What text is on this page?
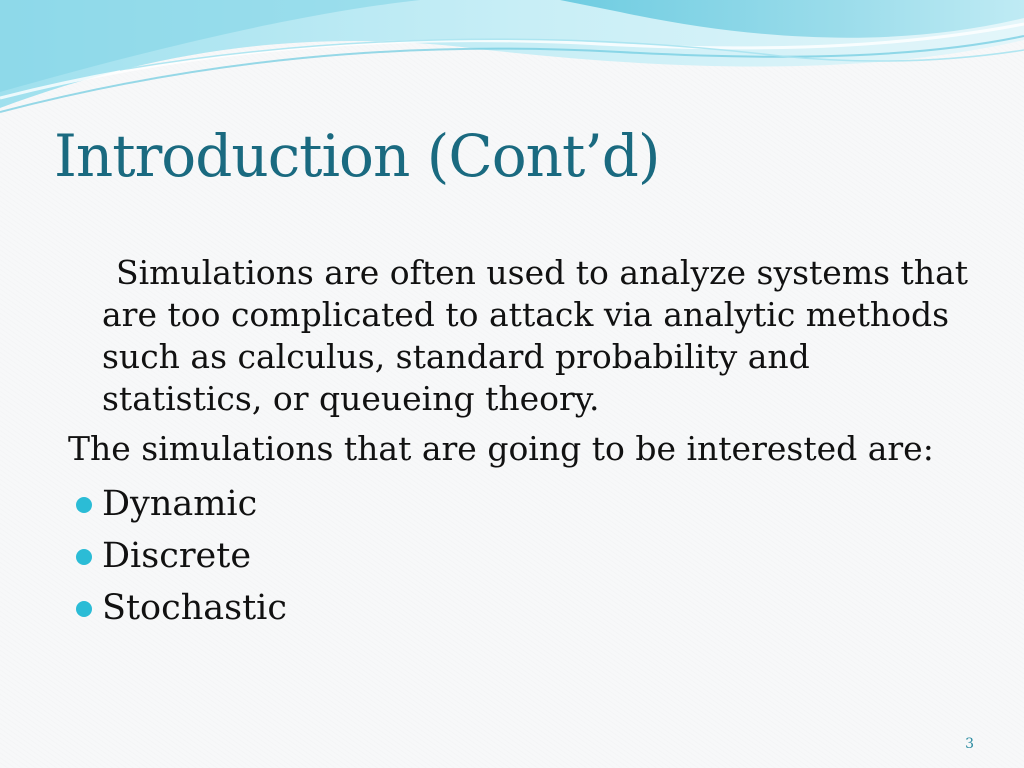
Introduction (Cont’d)

Simulations are often used to analyze systems that are too complicated to attack via analytic methods such as calculus, standard probability and statistics, or queueing theory.

The simulations that are going to be interested are:

Dynamic
Discrete
Stochastic
3
